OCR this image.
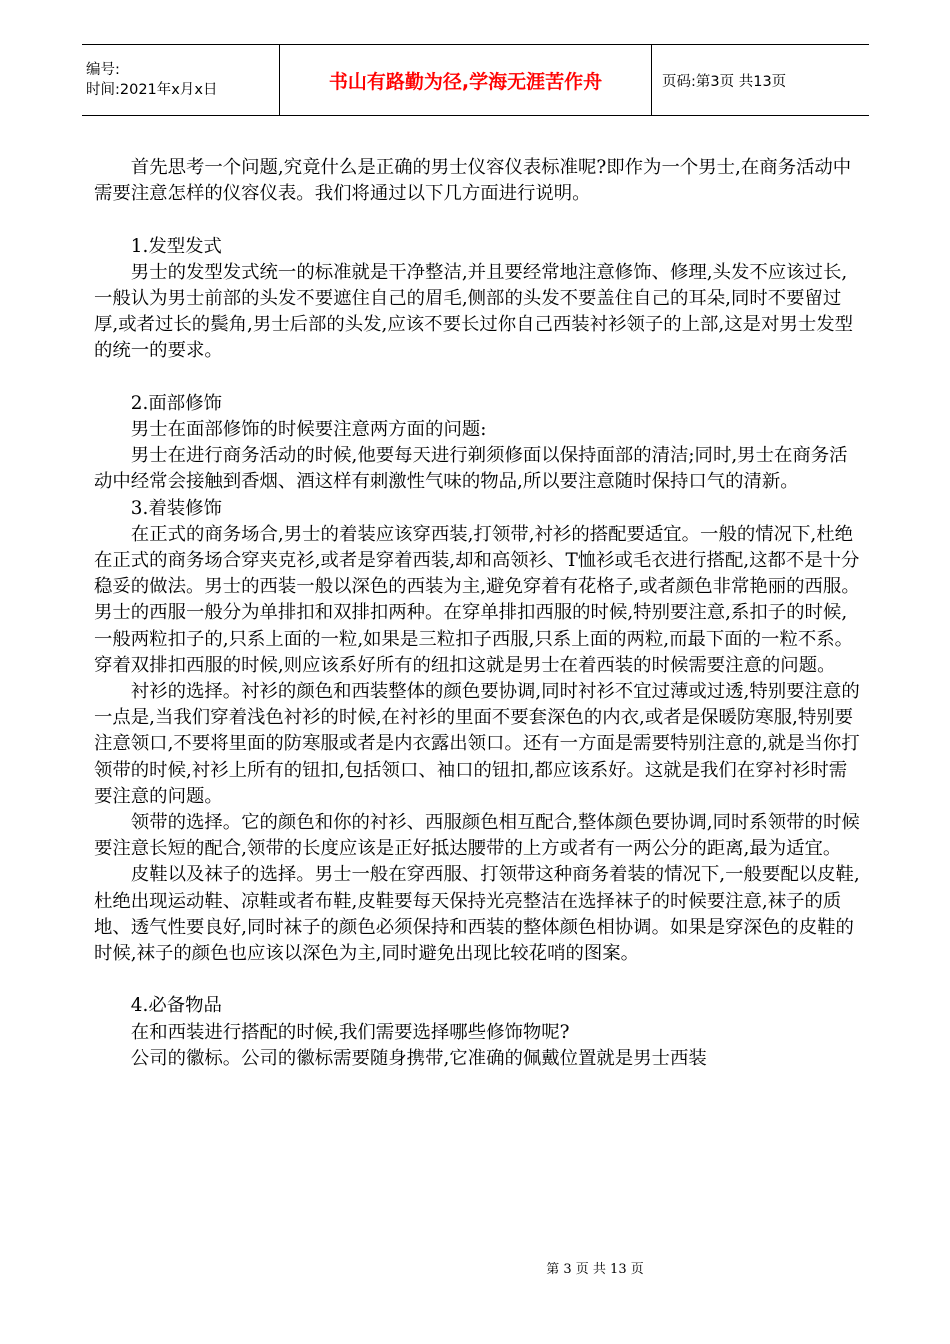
编号:
时间:2021年x月x日	书山有路勤为径,学海无涯苦作舟	页码:第3页 共13页

首先思考一个问题,究竟什么是正确的男士仪容仪表标准呢?即作为一个男士,在商务活动中需要注意怎样的仪容仪表。我们将通过以下几方面进行说明。

1.发型发式

男士的发型发式统一的标准就是干净整洁,并且要经常地注意修饰、修理,头发不应该过长,一般认为男士前部的头发不要遮住自己的眉毛,侧部的头发不要盖住自己的耳朵,同时不要留过厚,或者过长的鬓角,男士后部的头发,应该不要长过你自己西装衬衫领子的上部,这是对男士发型的统一的要求。

2.面部修饰

男士在面部修饰的时候要注意两方面的问题:

男士在进行商务活动的时候,他要每天进行剃须修面以保持面部的清洁;同时,男士在商务活动中经常会接触到香烟、酒这样有刺激性气味的物品,所以要注意随时保持口气的清新。

3.着装修饰

在正式的商务场合,男士的着装应该穿西装,打领带,衬衫的搭配要适宜。一般的情况下,杜绝在正式的商务场合穿夹克衫,或者是穿着西装,却和高领衫、T恤衫或毛衣进行搭配,这都不是十分稳妥的做法。男士的西装一般以深色的西装为主,避免穿着有花格子,或者颜色非常艳丽的西服。男士的西服一般分为单排扣和双排扣两种。在穿单排扣西服的时候,特别要注意,系扣子的时候,一般两粒扣子的,只系上面的一粒,如果是三粒扣子西服,只系上面的两粒,而最下面的一粒不系。穿着双排扣西服的时候,则应该系好所有的纽扣这就是男士在着西装的时候需要注意的问题。

衬衫的选择。衬衫的颜色和西装整体的颜色要协调,同时衬衫不宜过薄或过透,特别要注意的一点是,当我们穿着浅色衬衫的时候,在衬衫的里面不要套深色的内衣,或者是保暖防寒服,特别要注意领口,不要将里面的防寒服或者是内衣露出领口。还有一方面是需要特别注意的,就是当你打领带的时候,衬衫上所有的钮扣,包括领口、袖口的钮扣,都应该系好。这就是我们在穿衬衫时需要注意的问题。

领带的选择。它的颜色和你的衬衫、西服颜色相互配合,整体颜色要协调,同时系领带的时候要注意长短的配合,领带的长度应该是正好抵达腰带的上方或者有一两公分的距离,最为适宜。

皮鞋以及袜子的选择。男士一般在穿西服、打领带这种商务着装的情况下,一般要配以皮鞋,杜绝出现运动鞋、凉鞋或者布鞋,皮鞋要每天保持光亮整洁在选择袜子的时候要注意,袜子的质地、透气性要良好,同时袜子的颜色必须保持和西装的整体颜色相协调。如果是穿深色的皮鞋的时候,袜子的颜色也应该以深色为主,同时避免出现比较花哨的图案。

4.必备物品

在和西装进行搭配的时候,我们需要选择哪些修饰物呢?

公司的徽标。公司的徽标需要随身携带,它准确的佩戴位置就是男士西装

第 3 页 共 13 页
